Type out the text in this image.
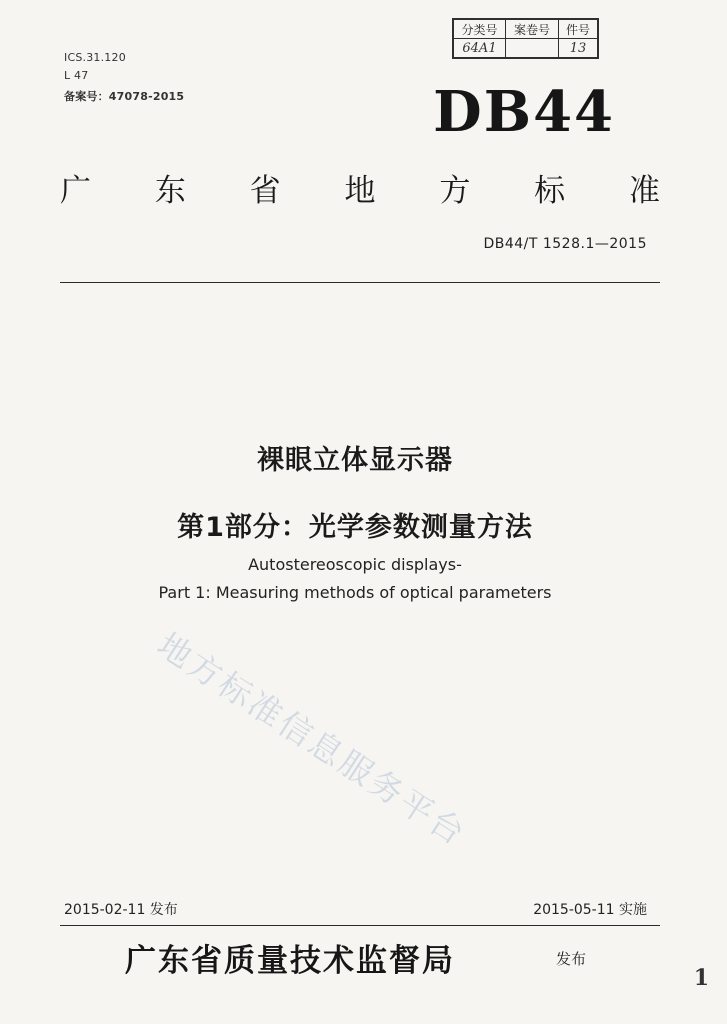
ICS.31.120
L 47
备案号：47078-2015
分类号	案卷号	件号
64A1		13
DB44
广 东 省 地 方 标 准
DB44/T 1528.1—2015
裸眼立体显示器
第1部分：光学参数测量方法
Autostereoscopic displays-
Part 1: Measuring methods of optical parameters
地方标准信息服务平台
2015-02-11 发布	2015-05-11 实施
广东省质量技术监督局	发布
1
